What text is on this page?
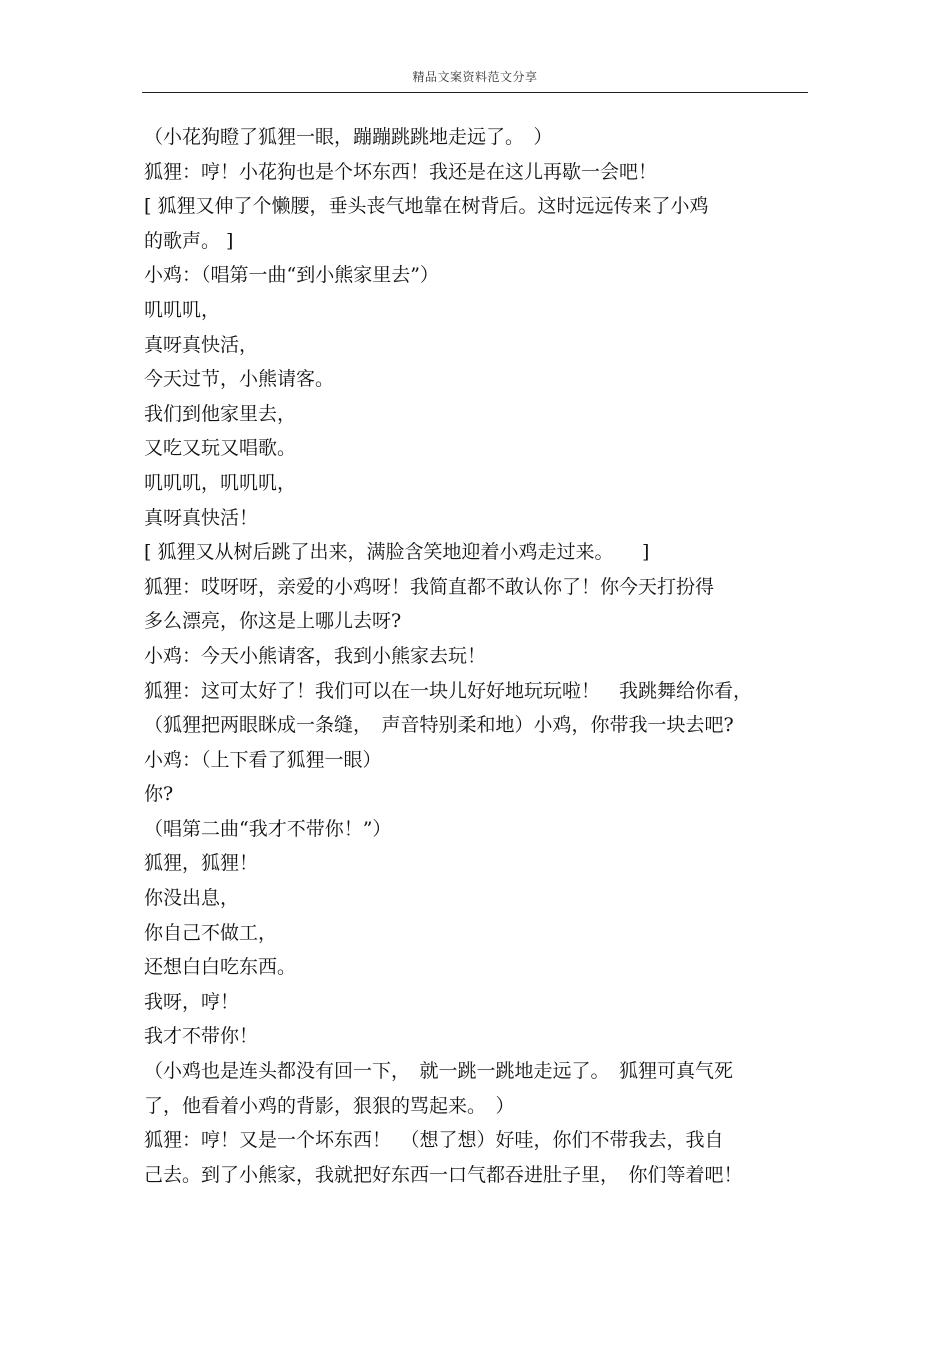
精品文案资料范文分享
（小花狗瞪了狐狸一眼，蹦蹦跳跳地走远了。　）
狐狸：哼！小花狗也是个坏东西！我还是在这儿再歇一会吧！
[ 狐狸又伸了个懒腰，垂头丧气地靠在树背后。这时远远传来了小鸡
的歌声。 ]
小鸡：（唱第一曲“到小熊家里去”）
叽叽叽，
真呀真快活，
今天过节，小熊请客。
我们到他家里去，
又吃又玩又唱歌。
叽叽叽，叽叽叽，
真呀真快活！
[ 狐狸又从树后跳了出来，满脸含笑地迎着小鸡走过来。　　]
狐狸：哎呀呀，亲爱的小鸡呀！我简直都不敢认你了！你今天打扮得
多么漂亮，你这是上哪儿去呀?
小鸡：今天小熊请客，我到小熊家去玩！
狐狸：这可太好了！我们可以在一块儿好好地玩玩啦！　我跳舞给你看，
（狐狸把两眼眯成一条缝，　声音特别柔和地）小鸡，你带我一块去吧?
小鸡：（上下看了狐狸一眼）
你?
（唱第二曲“我才不带你！”）
狐狸，狐狸！
你没出息，
你自己不做工，
还想白白吃东西。
我呀，哼！
我才不带你！
（小鸡也是连头都没有回一下，　就一跳一跳地走远了。　狐狸可真气死
了，他看着小鸡的背影，狠狠的骂起来。　）
狐狸：哼！又是一个坏东西！　（想了想）好哇，你们不带我去，我自
己去。到了小熊家，我就把好东西一口气都吞进肚子里，　你们等着吧！
